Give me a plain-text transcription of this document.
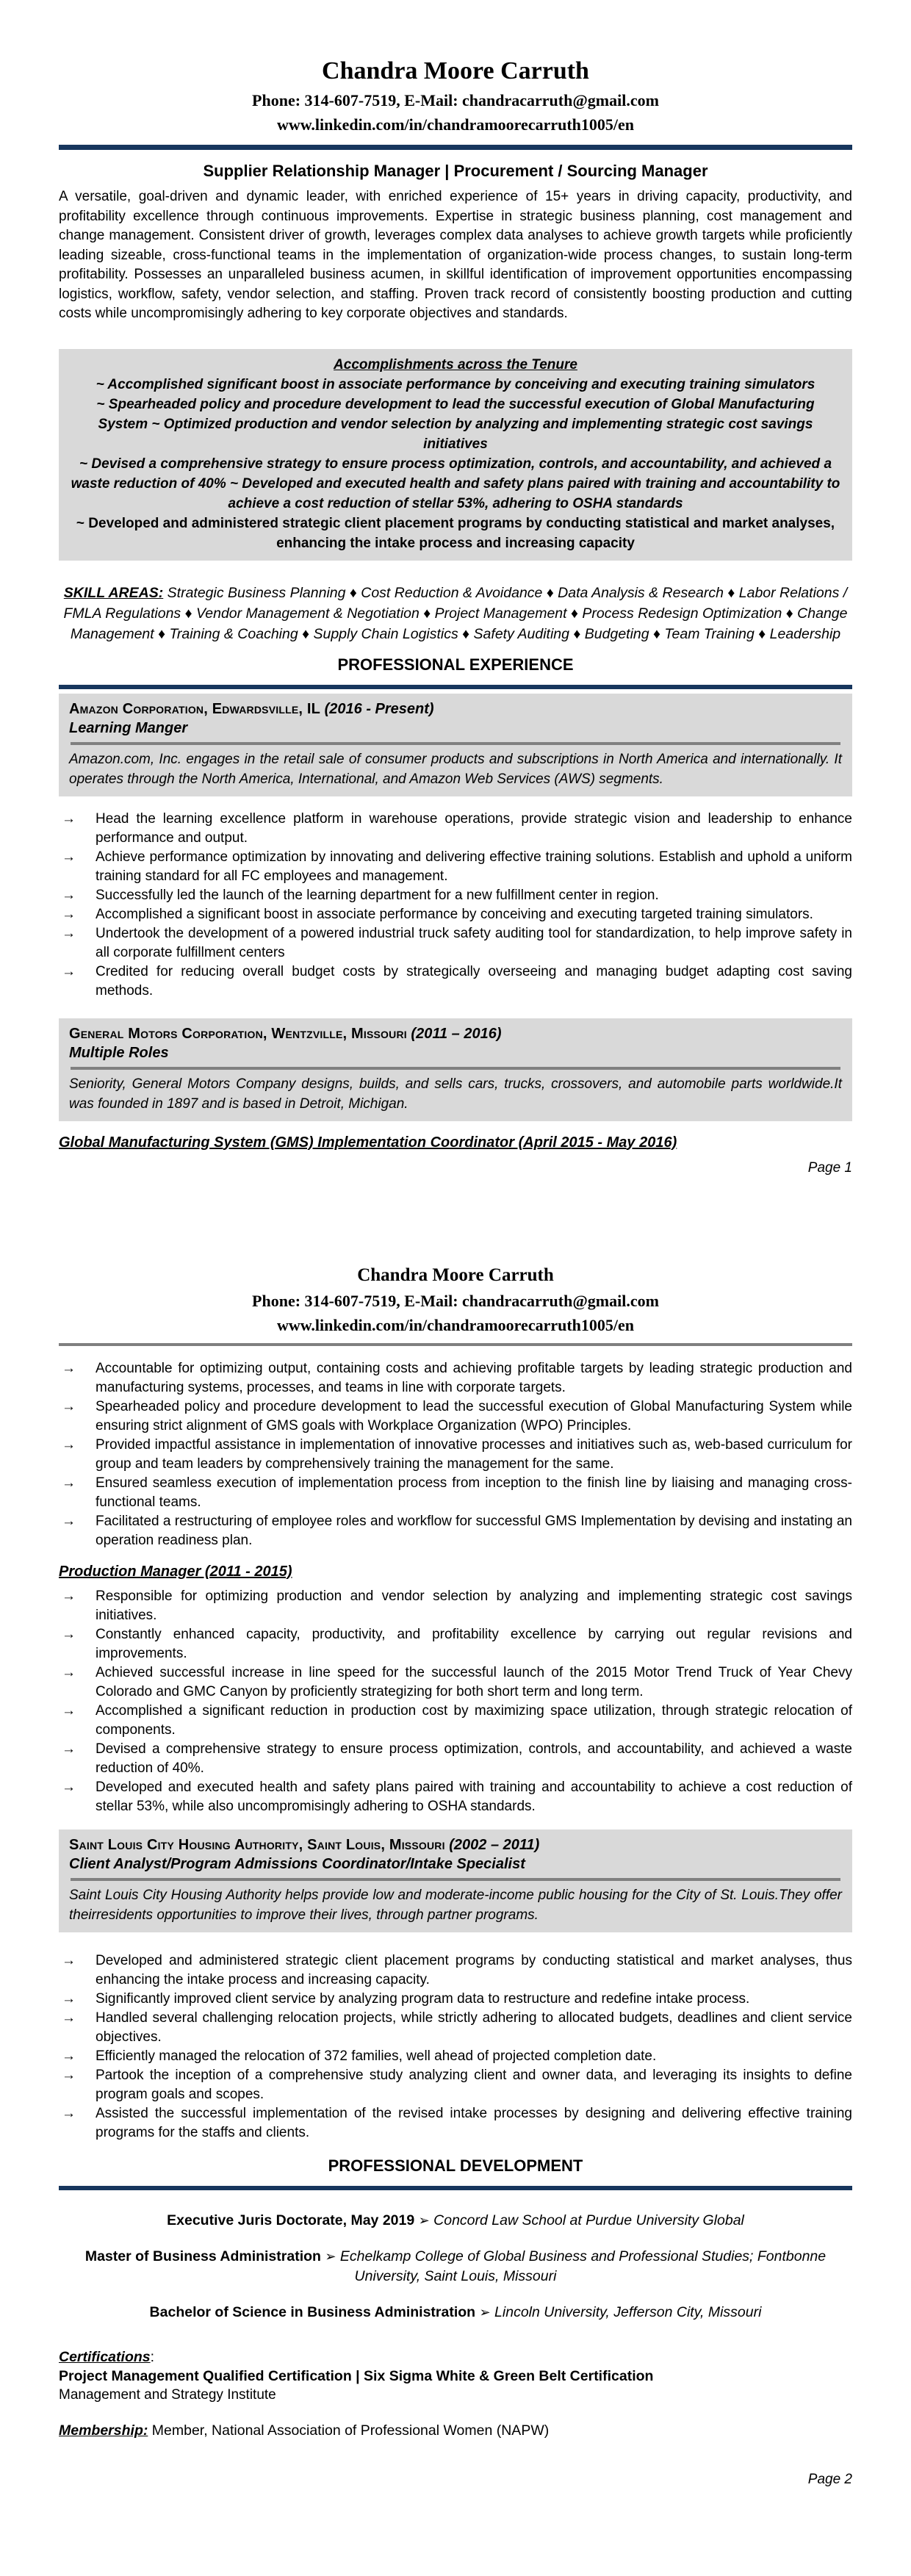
Chandra Moore Carruth

Phone: 314-607-7519, E-Mail: chandracarruth@gmail.com

www.linkedin.com/in/chandramoorecarruth1005/en

Supplier Relationship Manager | Procurement / Sourcing Manager

A versatile, goal-driven and dynamic leader, with enriched experience of 15+ years in driving capacity, productivity, and profitability excellence through continuous improvements. Expertise in strategic business planning, cost management and change management. Consistent driver of growth, leverages complex data analyses to achieve growth targets while proficiently leading sizeable, cross-functional teams in the implementation of organization-wide process changes, to sustain long-term profitability. Possesses an unparalleled business acumen, in skillful identification of improvement opportunities encompassing logistics, workflow, safety, vendor selection, and staffing. Proven track record of consistently boosting production and cutting costs while uncompromisingly adhering to key corporate objectives and standards.

Accomplishments across the Tenure

~ Accomplished significant boost in associate performance by conceiving and executing training simulators

~ Spearheaded policy and procedure development to lead the successful execution of Global Manufacturing System ~ Optimized production and vendor selection by analyzing and implementing strategic cost savings initiatives

~ Devised a comprehensive strategy to ensure process optimization, controls, and accountability, and achieved a waste reduction of 40% ~ Developed and executed health and safety plans paired with training and accountability to achieve a cost reduction of stellar 53%, adhering to OSHA standards

~ Developed and administered strategic client placement programs by conducting statistical and market analyses, enhancing the intake process and increasing capacity

SKILL AREAS: Strategic Business Planning ♦ Cost Reduction & Avoidance ♦ Data Analysis & Research ♦ Labor Relations / FMLA Regulations ♦ Vendor Management & Negotiation ♦ Project Management ♦ Process Redesign Optimization ♦ Change Management ♦ Training & Coaching ♦ Supply Chain Logistics ♦ Safety Auditing ♦ Budgeting ♦ Team Training ♦ Leadership

PROFESSIONAL EXPERIENCE

Amazon Corporation, Edwardsville, IL (2016 - Present)

Learning Manger

Amazon.com, Inc. engages in the retail sale of consumer products and subscriptions in North America and internationally. It operates through the North America, International, and Amazon Web Services (AWS) segments.

→	Head the learning excellence platform in warehouse operations, provide strategic vision and leadership to enhance performance and output.
→	Achieve performance optimization by innovating and delivering effective training solutions. Establish and uphold a uniform training standard for all FC employees and management.
→	Successfully led the launch of the learning department for a new fulfillment center in region.
→	Accomplished a significant boost in associate performance by conceiving and executing targeted training simulators.
→	Undertook the development of a powered industrial truck safety auditing tool for standardization, to help improve safety in all corporate fulfillment centers
→	Credited for reducing overall budget costs by strategically overseeing and managing budget adapting cost saving methods.

General Motors Corporation, Wentzville, Missouri (2011 – 2016)

Multiple Roles

Seniority, General Motors Company designs, builds, and sells cars, trucks, crossovers, and automobile parts worldwide.It was founded in 1897 and is based in Detroit, Michigan.

Global Manufacturing System (GMS) Implementation Coordinator (April 2015 - May 2016)

Page 1

Chandra Moore Carruth

Phone: 314-607-7519, E-Mail: chandracarruth@gmail.com

www.linkedin.com/in/chandramoorecarruth1005/en

→	Accountable for optimizing output, containing costs and achieving profitable targets by leading strategic production and manufacturing systems, processes, and teams in line with corporate targets.
→	Spearheaded policy and procedure development to lead the successful execution of Global Manufacturing System while ensuring strict alignment of GMS goals with Workplace Organization (WPO) Principles.
→	Provided impactful assistance in implementation of innovative processes and initiatives such as, web-based curriculum for group and team leaders by comprehensively training the management for the same.
→	Ensured seamless execution of implementation process from inception to the finish line by liaising and managing cross-functional teams.
→	Facilitated a restructuring of employee roles and workflow for successful GMS Implementation by devising and instating an operation readiness plan.

Production Manager (2011 - 2015)

→	Responsible for optimizing production and vendor selection by analyzing and implementing strategic cost savings initiatives.
→	Constantly enhanced capacity, productivity, and profitability excellence by carrying out regular revisions and improvements.
→	Achieved successful increase in line speed for the successful launch of the 2015 Motor Trend Truck of Year Chevy Colorado and GMC Canyon by proficiently strategizing for both short term and long term.
→	Accomplished a significant reduction in production cost by maximizing space utilization, through strategic relocation of components.
→	Devised a comprehensive strategy to ensure process optimization, controls, and accountability, and achieved a waste reduction of 40%.
→	Developed and executed health and safety plans paired with training and accountability to achieve a cost reduction of stellar 53%, while also uncompromisingly adhering to OSHA standards.

Saint Louis City Housing Authority, Saint Louis, Missouri (2002 – 2011)

Client Analyst/Program Admissions Coordinator/Intake Specialist

Saint Louis City Housing Authority helps provide low and moderate-income public housing for the City of St. Louis.They offer theirresidents opportunities to improve their lives, through partner programs.

→	Developed and administered strategic client placement programs by conducting statistical and market analyses, thus enhancing the intake process and increasing capacity.
→	Significantly improved client service by analyzing program data to restructure and redefine intake process.
→	Handled several challenging relocation projects, while strictly adhering to allocated budgets, deadlines and client service objectives.
→	Efficiently managed the relocation of 372 families, well ahead of projected completion date.
→	Partook the inception of a comprehensive study analyzing client and owner data, and leveraging its insights to define program goals and scopes.
→	Assisted the successful implementation of the revised intake processes by designing and delivering effective training programs for the staffs and clients.
PROFESSIONAL DEVELOPMENT

Executive Juris Doctorate, May 2019 ➢ Concord Law School at Purdue University Global

Master of Business Administration ➢ Echelkamp College of Global Business and Professional Studies; Fontbonne University, Saint Louis, Missouri

Bachelor of Science in Business Administration ➢ Lincoln University, Jefferson City, Missouri

Certifications:

Project Management Qualified Certification | Six Sigma White & Green Belt Certification

Management and Strategy Institute

Membership: Member, National Association of Professional Women (NAPW)

Page 2
